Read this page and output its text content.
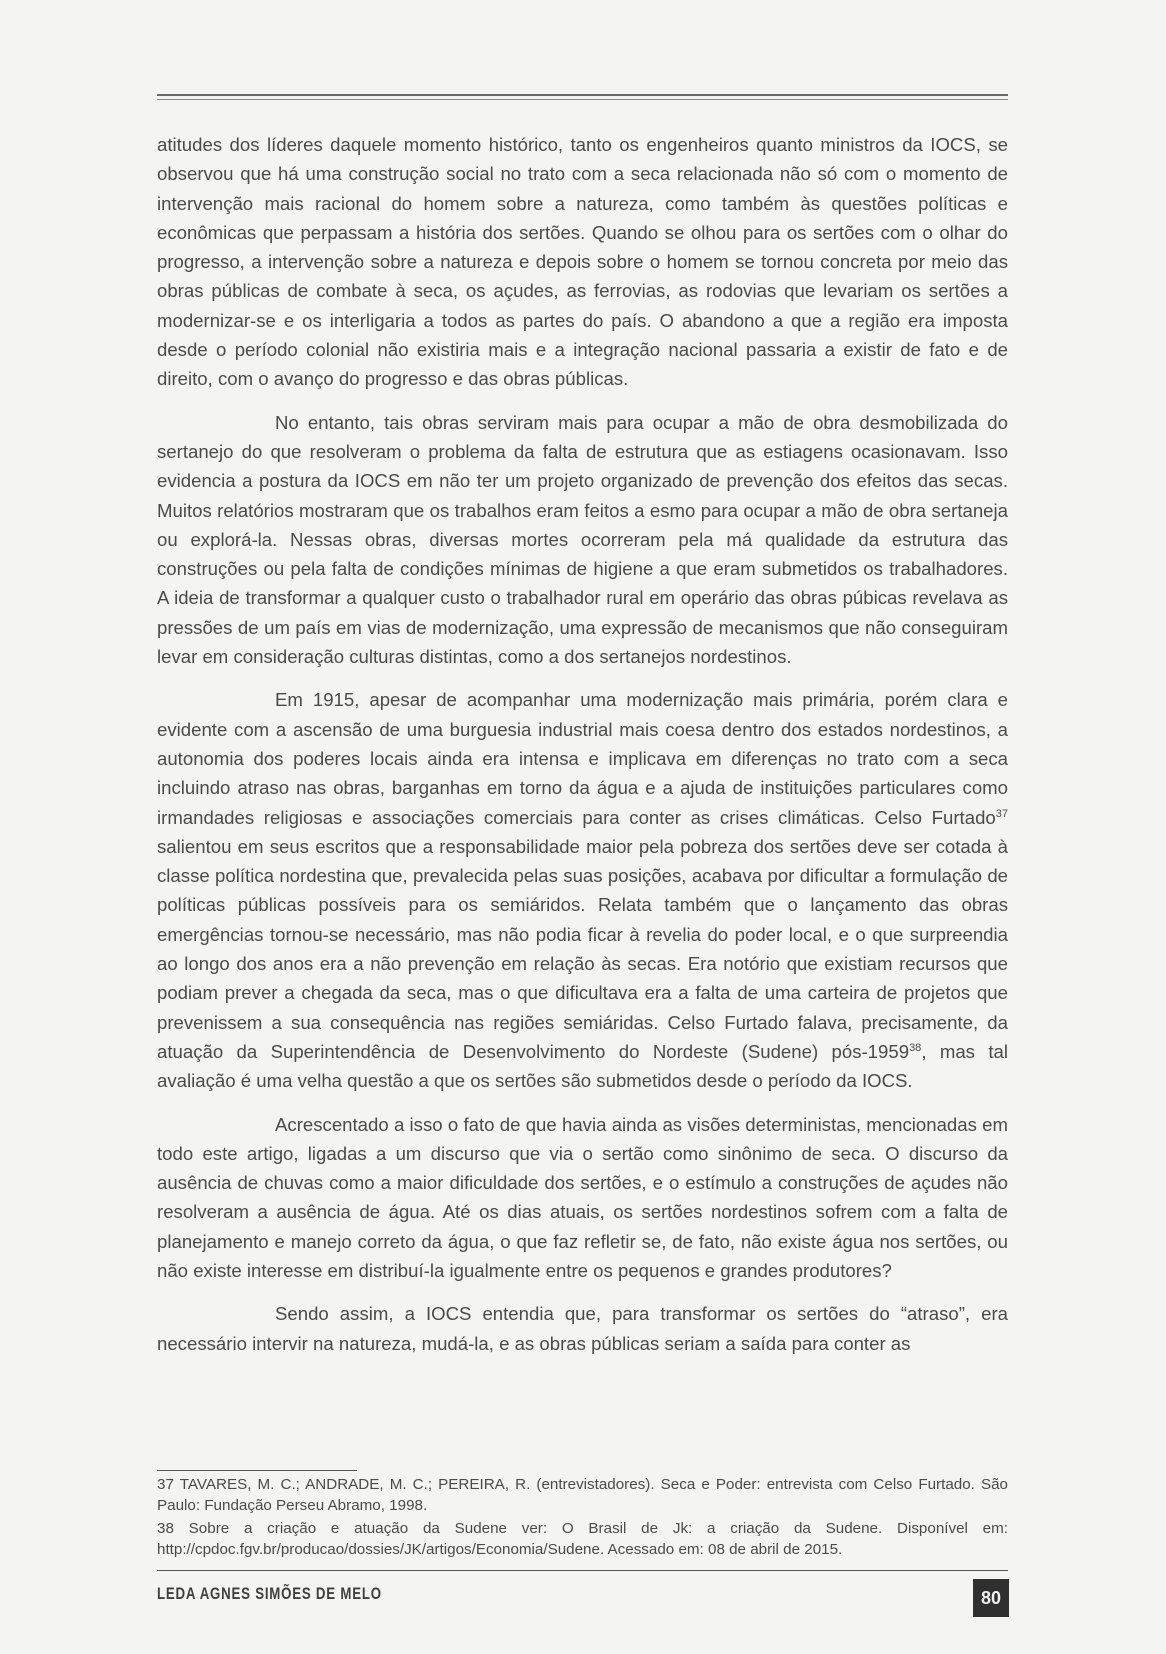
atitudes dos líderes daquele momento histórico, tanto os engenheiros quanto ministros da IOCS, se observou que há uma construção social no trato com a seca relacionada não só com o momento de intervenção mais racional do homem sobre a natureza, como também às questões políticas e econômicas que perpassam a história dos sertões. Quando se olhou para os sertões com o olhar do progresso, a intervenção sobre a natureza e depois sobre o homem se tornou concreta por meio das obras públicas de combate à seca, os açudes, as ferrovias, as rodovias que levariam os sertões a modernizar-se e os interligaria a todos as partes do país. O abandono a que a região era imposta desde o período colonial não existiria mais e a integração nacional passaria a existir de fato e de direito, com o avanço do progresso e das obras públicas.

No entanto, tais obras serviram mais para ocupar a mão de obra desmobilizada do sertanejo do que resolveram o problema da falta de estrutura que as estiagens ocasionavam. Isso evidencia a postura da IOCS em não ter um projeto organizado de prevenção dos efeitos das secas. Muitos relatórios mostraram que os trabalhos eram feitos a esmo para ocupar a mão de obra sertaneja ou explorá-la. Nessas obras, diversas mortes ocorreram pela má qualidade da estrutura das construções ou pela falta de condições mínimas de higiene a que eram submetidos os trabalhadores. A ideia de transformar a qualquer custo o trabalhador rural em operário das obras púbicas revelava as pressões de um país em vias de modernização, uma expressão de mecanismos que não conseguiram levar em consideração culturas distintas, como a dos sertanejos nordestinos.

Em 1915, apesar de acompanhar uma modernização mais primária, porém clara e evidente com a ascensão de uma burguesia industrial mais coesa dentro dos estados nordestinos, a autonomia dos poderes locais ainda era intensa e implicava em diferenças no trato com a seca incluindo atraso nas obras, barganhas em torno da água e a ajuda de instituições particulares como irmandades religiosas e associações comerciais para conter as crises climáticas. Celso Furtado$^{37}$ salientou em seus escritos que a responsabilidade maior pela pobreza dos sertões deve ser cotada à classe política nordestina que, prevalecida pelas suas posições, acabava por dificultar a formulação de políticas públicas possíveis para os semiáridos. Relata também que o lançamento das obras emergências tornou-se necessário, mas não podia ficar à revelia do poder local, e o que surpreendia ao longo dos anos era a não prevenção em relação às secas. Era notório que existiam recursos que podiam prever a chegada da seca, mas o que dificultava era a falta de uma carteira de projetos que prevenissem a sua consequência nas regiões semiáridas. Celso Furtado falava, precisamente, da atuação da Superintendência de Desenvolvimento do Nordeste (Sudene) pós-1959$^{38}$, mas tal avaliação é uma velha questão a que os sertões são submetidos desde o período da IOCS.

Acrescentado a isso o fato de que havia ainda as visões deterministas, mencionadas em todo este artigo, ligadas a um discurso que via o sertão como sinônimo de seca. O discurso da ausência de chuvas como a maior dificuldade dos sertões, e o estímulo a construções de açudes não resolveram a ausência de água. Até os dias atuais, os sertões nordestinos sofrem com a falta de planejamento e manejo correto da água, o que faz refletir se, de fato, não existe água nos sertões, ou não existe interesse em distribuí-la igualmente entre os pequenos e grandes produtores?

Sendo assim, a IOCS entendia que, para transformar os sertões do “atraso”, era necessário intervir na natureza, mudá-la, e as obras públicas seriam a saída para conter as

37 TAVARES, M. C.; ANDRADE, M. C.; PEREIRA, R. (entrevistadores). Seca e Poder: entrevista com Celso Furtado. São Paulo: Fundação Perseu Abramo, 1998.

38 Sobre a criação e atuação da Sudene ver: O Brasil de Jk: a criação da Sudene. Disponível em: http://cpdoc.fgv.br/producao/dossies/JK/artigos/Economia/Sudene. Acessado em: 08 de abril de 2015.

LEDA AGNES SIMÕES DE MELO	80
